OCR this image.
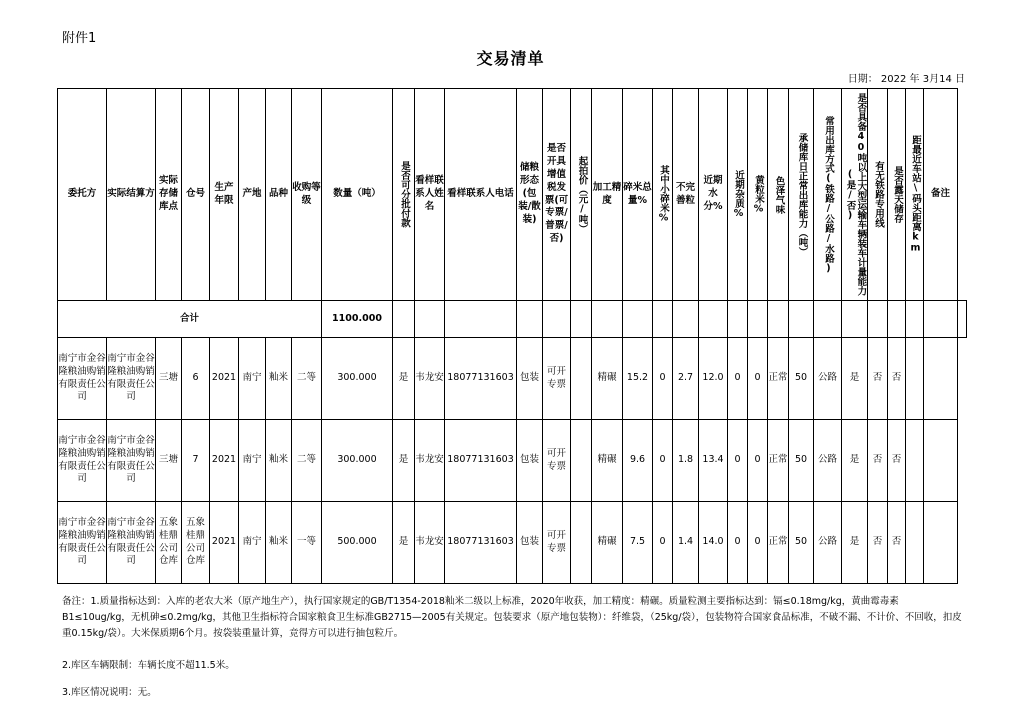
附件1
交易清单
日期： 2022 年 3月14 日
委托方	实际结算方	实际存储库点	仓号	生产年限	产地	品种	收购等级	数量（吨）	是否可分批付款	看样联系人姓名	看样联系人电话	储粮形态(包装/散装)	是否开具增值税发票(可专票/普票/否)	起拍价（元/吨）	加工精度	碎米总量%	其中小碎米%	不完善粒	近期水分%	近期杂质%	黄粒米%	色泽气味	承储库日正常出库能力（吨）	常用出库方式(铁路/公路/水路)	是否具备40吨以上大型运输车辆装车计量能力(是/否)	有无铁路专用线	是否露天储存	距最近车站\码头距离km	备注	
合计								1100.000																						
南宁市金谷隆粮油购销有限责任公司	南宁市金谷隆粮油购销有限责任公司	三塘	6	2021	南宁	籼米	二等	300.000	是	韦龙安	18077131603	包装	可开专票		精碾	15.2	0	2.7	12.0	0	0	正常	50	公路	是	否	否			
南宁市金谷隆粮油购销有限责任公司	南宁市金谷隆粮油购销有限责任公司	三塘	7	2021	南宁	籼米	二等	300.000	是	韦龙安	18077131603	包装	可开专票		精碾	9.6	0	1.8	13.4	0	0	正常	50	公路	是	否	否			
南宁市金谷隆粮油购销有限责任公司	南宁市金谷隆粮油购销有限责任公司	五象桂鼎公司仓库	五象桂鼎公司仓库	2021	南宁	籼米	一等	500.000	是	韦龙安	18077131603	包装	可开专票		精碾	7.5	0	1.4	14.0	0	0	正常	50	公路	是	否	否			

备注：1.质量指标达到：入库的老农大米（原产地生产），执行国家规定的GB/T1354-2018籼米二级以上标准，2020年收获，加工精度：精碾。质量粒测主要指标达到：镉≤0.18mg/kg，黄曲霉毒素B1≤10ug/kg，无机砷≤0.2mg/kg，其他卫生指标符合国家粮食卫生标准GB2715—2005有关规定。包装要求（原产地包装物）：纤维袋，（25kg/袋），包装物符合国家食品标准，不破不漏、不计价、不回收，扣皮重0.15kg/袋）。大米保质期6个月。按袋装重量计算，竞得方可以进行抽包粒斤。

2.库区车辆限制：车辆长度不超11.5米。
3.库区情况说明：无。
